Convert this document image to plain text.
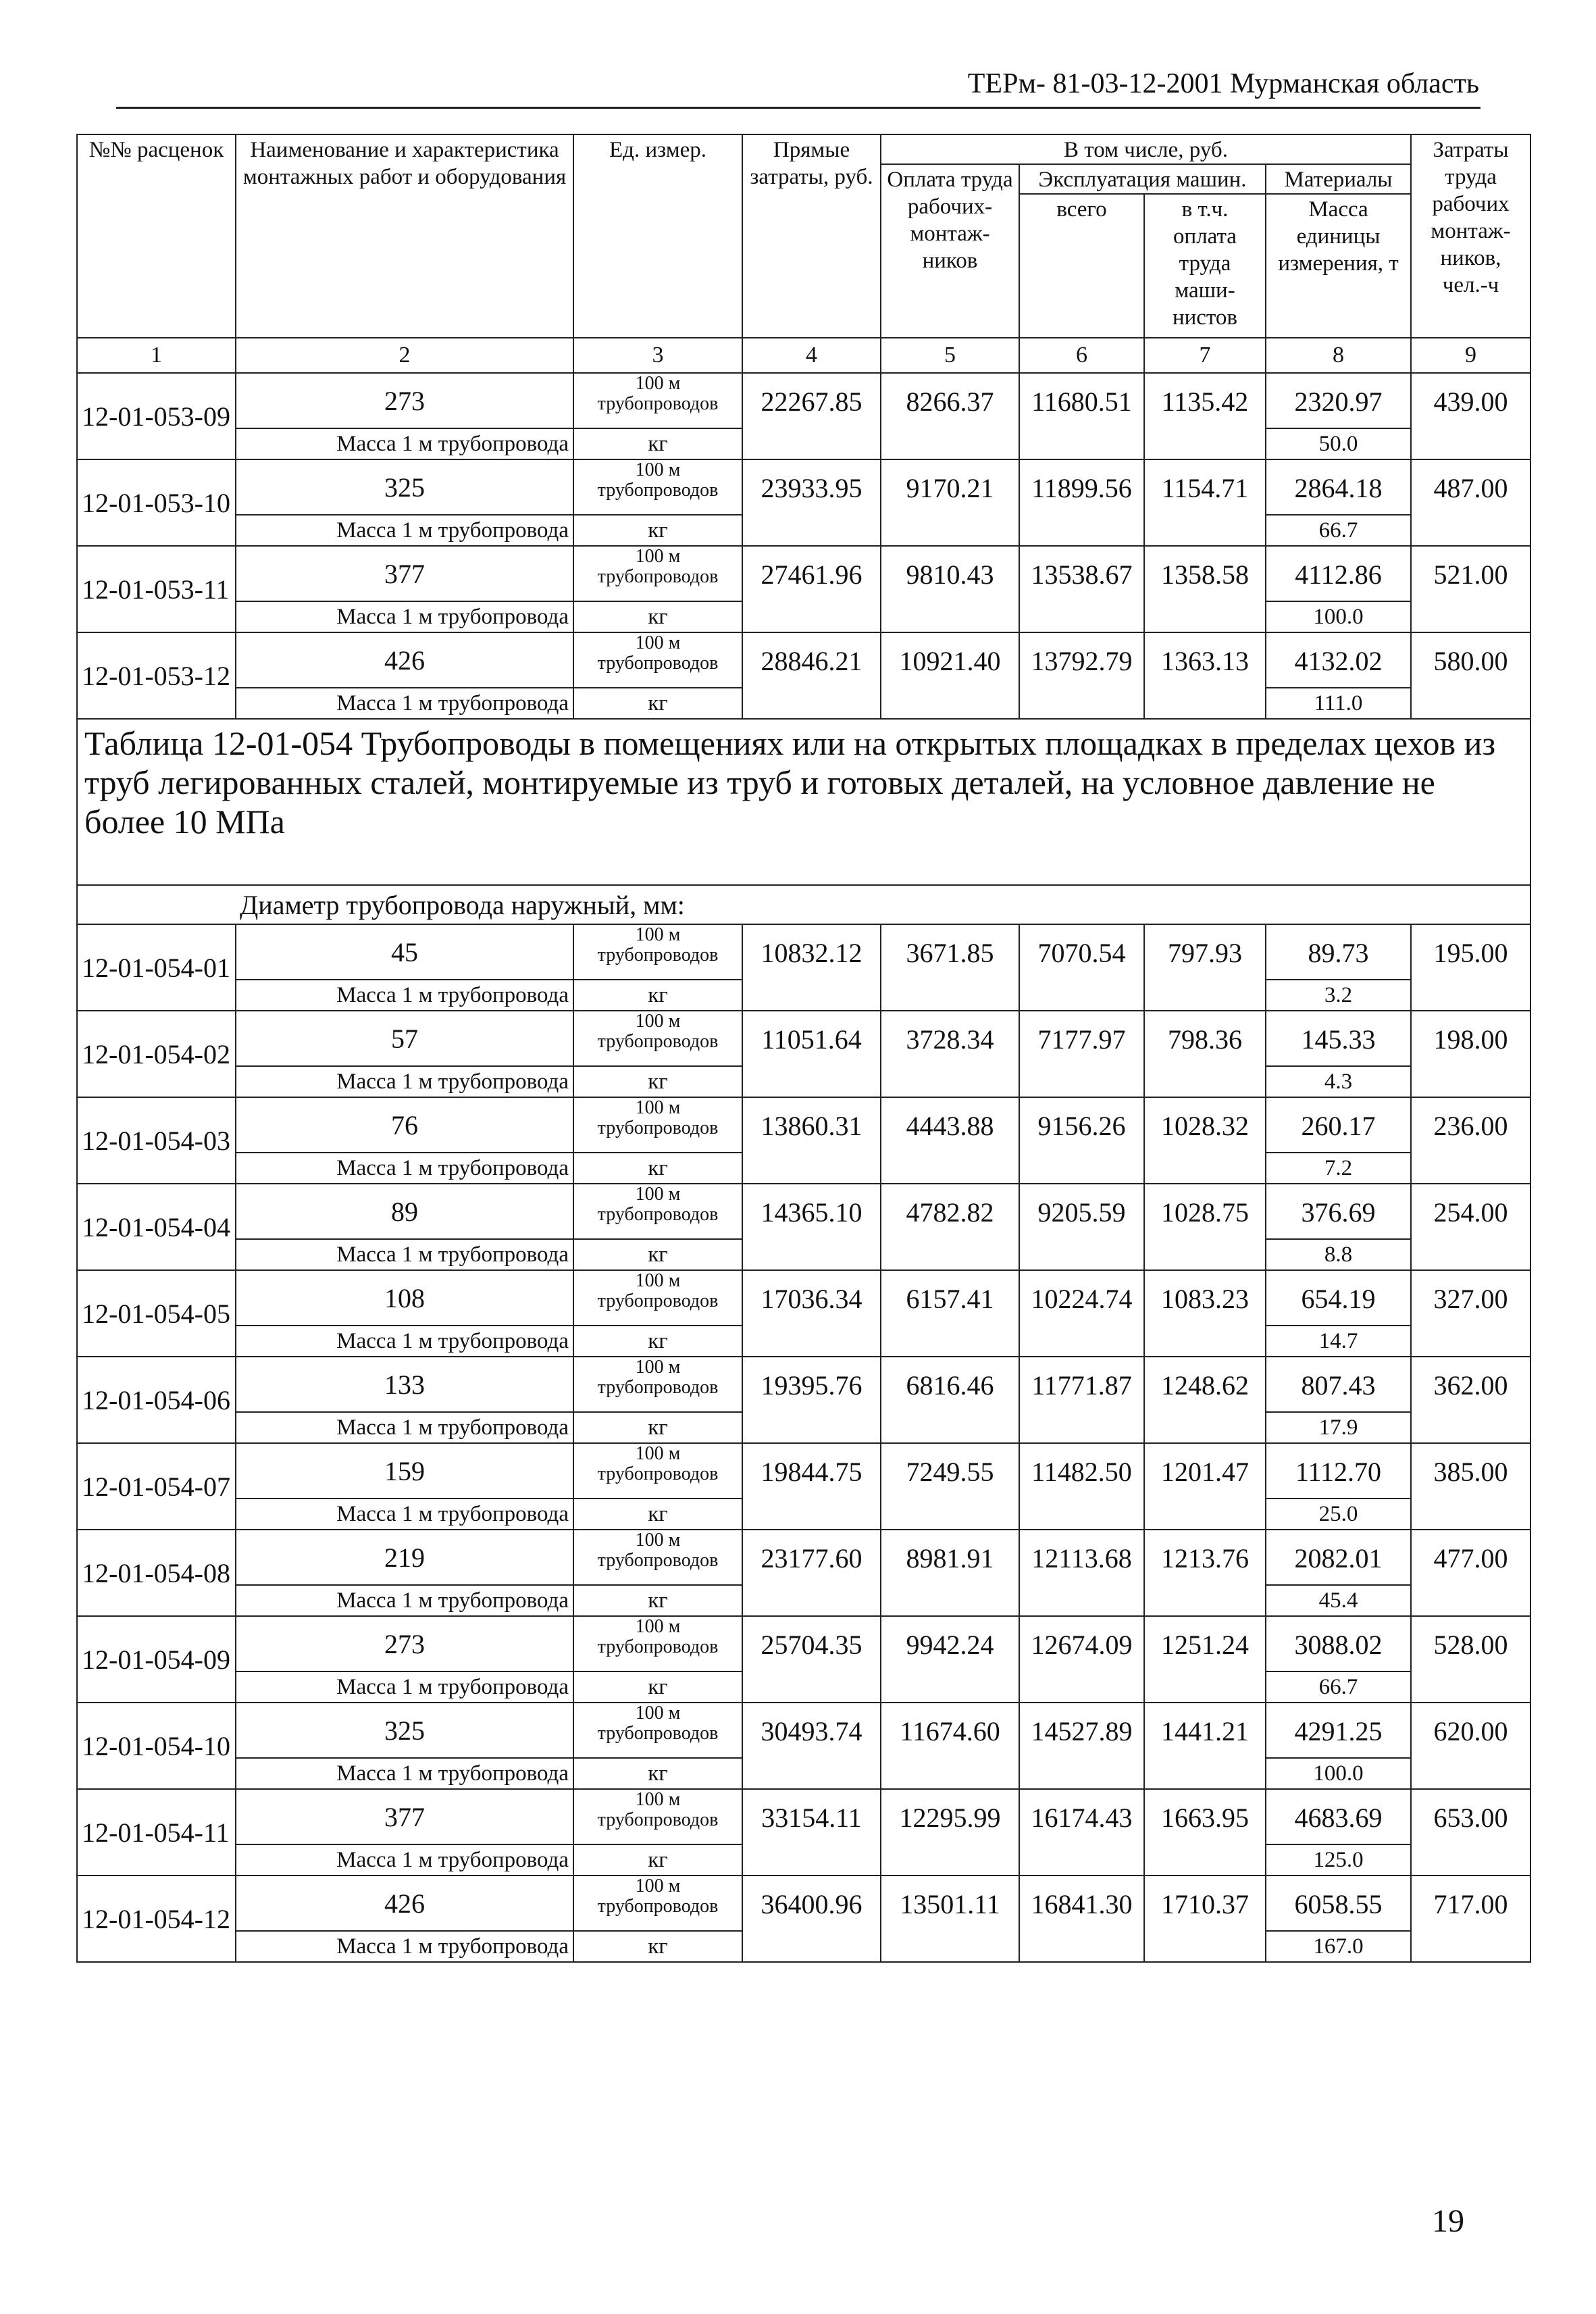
ТЕРм- 81-03-12-2001 Мурманская область
№№ расценок	Наименование и характеристика монтажных работ и оборудования	Ед. измер.	Прямые затраты, руб.	В том числе, руб.				Затраты труда рабочих монтаж-ников, чел.-ч
				Оплата труда рабочих-монтаж-ников	Эксплуатация машин.		Материалы	
					всего	в т.ч. оплата труда маши-нистов	Масса единицы измерения, т	
1	2	3	4	5	6	7	8	9
12-01-053-09	273	100 м трубопроводов	22267.85	8266.37	11680.51	1135.42	2320.97	439.00
	Масса 1 м трубопровода	кг					50.0	
12-01-053-10	325	100 м трубопроводов	23933.95	9170.21	11899.56	1154.71	2864.18	487.00
	Масса 1 м трубопровода	кг					66.7	
12-01-053-11	377	100 м трубопроводов	27461.96	9810.43	13538.67	1358.58	4112.86	521.00
	Масса 1 м трубопровода	кг					100.0	
12-01-053-12	426	100 м трубопроводов	28846.21	10921.40	13792.79	1363.13	4132.02	580.00
	Масса 1 м трубопровода	кг					111.0	
Таблица 12-01-054 Трубопроводы в помещениях или на открытых площадках в пределах цехов из труб легированных сталей, монтируемые из труб и готовых деталей, на условное давление не более 10 МПа								
	Диаметр трубопровода наружный, мм:							
12-01-054-01	45	100 м трубопроводов	10832.12	3671.85	7070.54	797.93	89.73	195.00
	Масса 1 м трубопровода	кг					3.2	
12-01-054-02	57	100 м трубопроводов	11051.64	3728.34	7177.97	798.36	145.33	198.00
	Масса 1 м трубопровода	кг					4.3	
12-01-054-03	76	100 м трубопроводов	13860.31	4443.88	9156.26	1028.32	260.17	236.00
	Масса 1 м трубопровода	кг					7.2	
12-01-054-04	89	100 м трубопроводов	14365.10	4782.82	9205.59	1028.75	376.69	254.00
	Масса 1 м трубопровода	кг					8.8	
12-01-054-05	108	100 м трубопроводов	17036.34	6157.41	10224.74	1083.23	654.19	327.00
	Масса 1 м трубопровода	кг					14.7	
12-01-054-06	133	100 м трубопроводов	19395.76	6816.46	11771.87	1248.62	807.43	362.00
	Масса 1 м трубопровода	кг					17.9	
12-01-054-07	159	100 м трубопроводов	19844.75	7249.55	11482.50	1201.47	1112.70	385.00
	Масса 1 м трубопровода	кг					25.0	
12-01-054-08	219	100 м трубопроводов	23177.60	8981.91	12113.68	1213.76	2082.01	477.00
	Масса 1 м трубопровода	кг					45.4	
12-01-054-09	273	100 м трубопроводов	25704.35	9942.24	12674.09	1251.24	3088.02	528.00
	Масса 1 м трубопровода	кг					66.7	
12-01-054-10	325	100 м трубопроводов	30493.74	11674.60	14527.89	1441.21	4291.25	620.00
	Масса 1 м трубопровода	кг					100.0	
12-01-054-11	377	100 м трубопроводов	33154.11	12295.99	16174.43	1663.95	4683.69	653.00
	Масса 1 м трубопровода	кг					125.0	
12-01-054-12	426	100 м трубопроводов	36400.96	13501.11	16841.30	1710.37	6058.55	717.00
	Масса 1 м трубопровода	кг					167.0	
19
